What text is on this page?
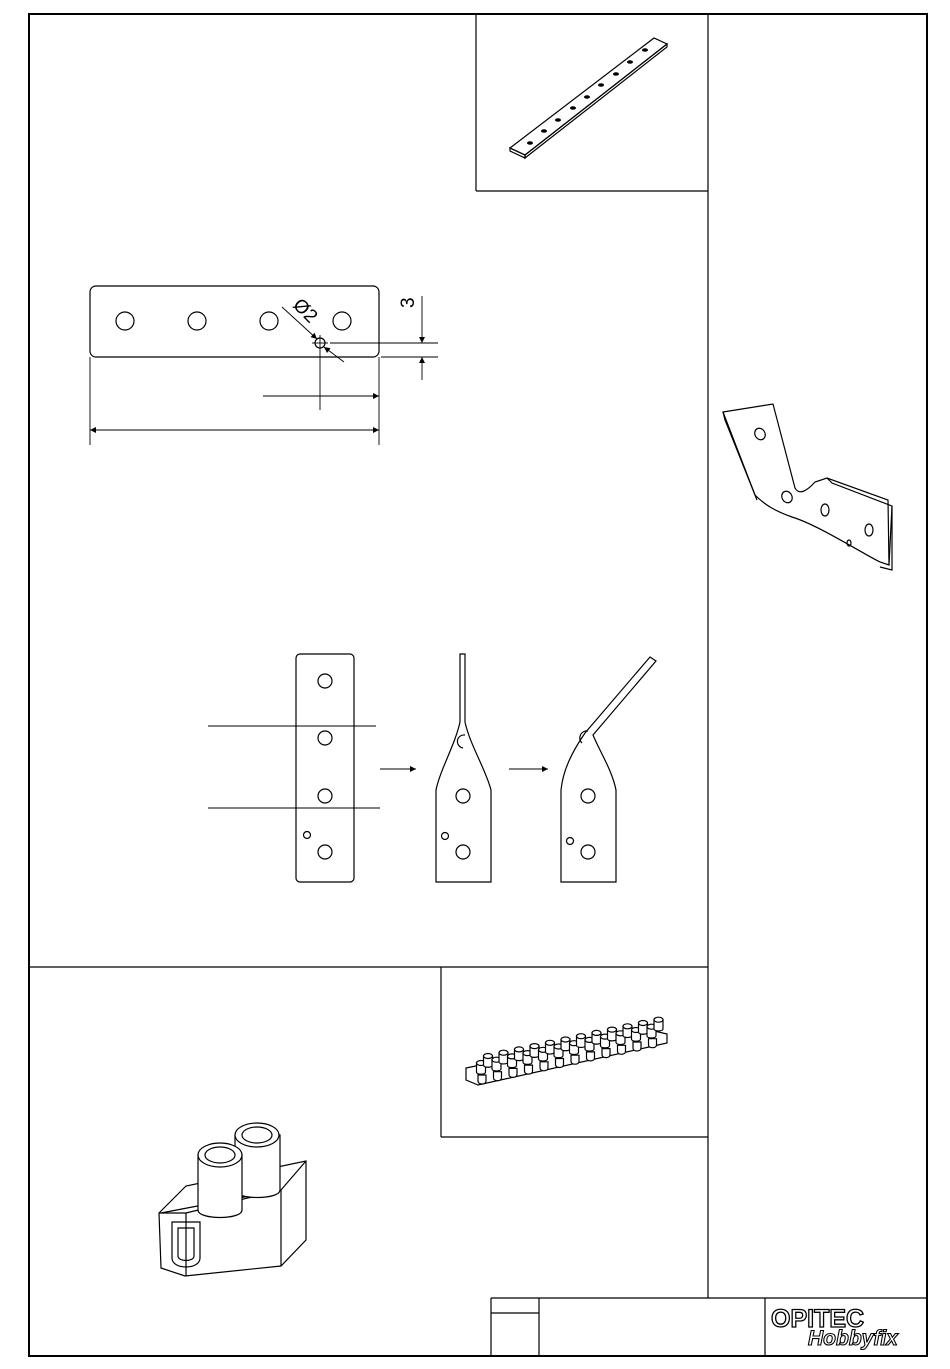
Ø2	3
OPITEC
Hobbyfix
